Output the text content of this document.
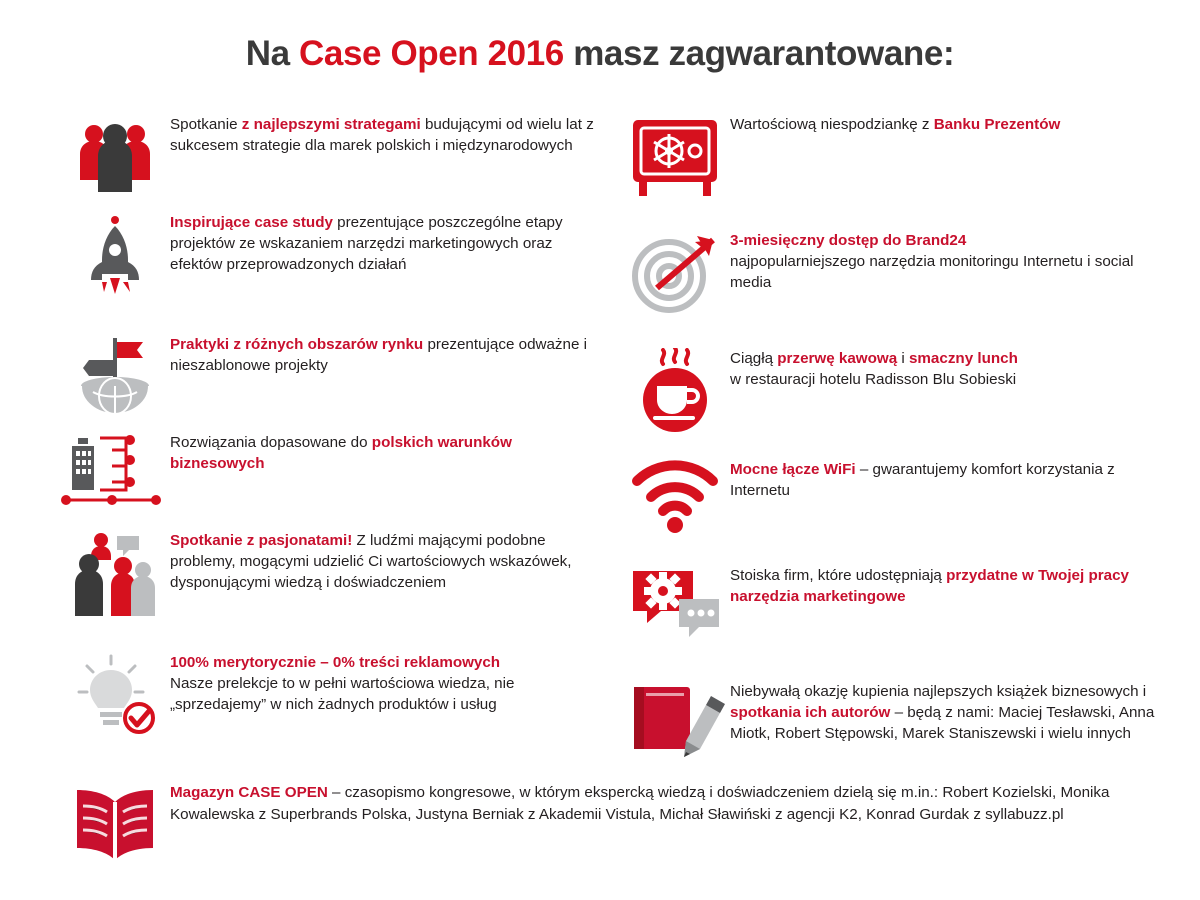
Na Case Open 2016 masz zagwarantowane:
Spotkanie z najlepszymi strategami budującymi od wielu lat z sukcesem strategie dla marek polskich i międzynarodowych
Inspirujące case study prezentujące poszczególne etapy projektów ze wskazaniem narzędzi marketingowych oraz efektów przeprowadzonych działań
Praktyki z różnych obszarów rynku prezentujące odważne i nieszablonowe projekty
Rozwiązania dopasowane do polskich warunków biznesowych
Spotkanie z pasjonatami! Z ludźmi mającymi podobne problemy, mogącymi udzielić Ci wartościowych wskazówek, dysponującymi wiedzą i doświadczeniem
100% merytorycznie – 0% treści reklamowych
Nasze prelekcje to w pełni wartościowa wiedza, nie „sprzedajemy” w nich żadnych produktów i usług
Wartościową niespodziankę z Banku Prezentów
3-miesięczny dostęp do Brand24
najpopularniejszego narzędzia monitoringu Internetu i social media
Ciągłą przerwę kawową i smaczny lunch
w restauracji hotelu Radisson Blu Sobieski
Mocne łącze WiFi – gwarantujemy komfort korzystania z Internetu
Stoiska firm, które udostępniają przydatne w Twojej pracy narzędzia marketingowe
Niebywałą okazję kupienia najlepszych książek biznesowych i spotkania ich autorów – będą z nami: Maciej Tesławski, Anna Miotk, Robert Stępowski, Marek Staniszewski i wielu innych
Magazyn CASE OPEN – czasopismo kongresowe, w którym ekspercką wiedzą i doświadczeniem dzielą się m.in.: Robert Kozielski, Monika Kowalewska z Superbrands Polska, Justyna Berniak z Akademii Vistula, Michał Sławiński z agencji K2, Konrad Gurdak z syllabuzz.pl
